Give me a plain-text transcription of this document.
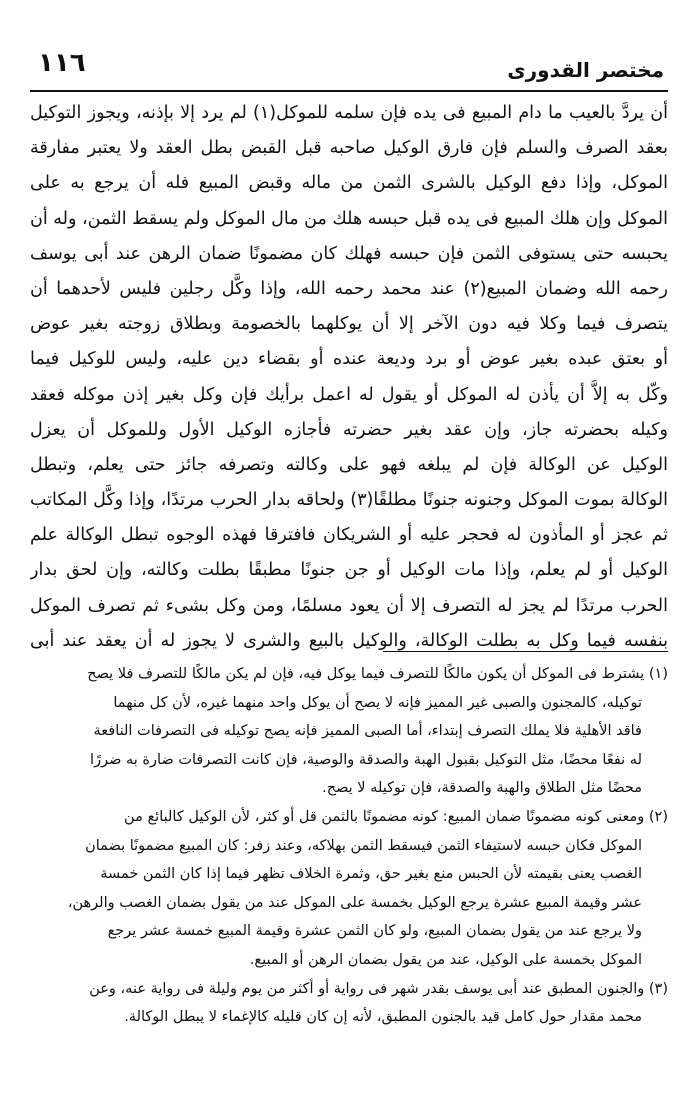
مختصر القدورى
١١٦
أن يردَّ بالعيب ما دام المبيع فى يده فإن سلمه للموكل(١) لم يرد إلا بإذنه، ويجوز التوكيل
بعقد الصرف والسلم فإن فارق الوكيل صاحبه قبل القبض بطل العقد ولا يعتبر مفارقة
الموكل، وإذا دفع الوكيل بالشرى الثمن من ماله وقبض المبيع فله أن يرجع به على
الموكل وإن هلك المبيع فى يده قبل حبسه هلك من مال الموكل ولم يسقط الثمن، وله أن
يحبسه حتى يستوفى الثمن فإن حبسه فهلك كان مضمونًا ضمان الرهن عند أبى يوسف
رحمه الله وضمان المبيع(٢) عند محمد رحمه الله، وإذا وكَّل رجلين فليس لأحدهما أن
يتصرف فيما وكلا فيه دون الآخر إلا أن يوكلهما بالخصومة وبطلاق زوجته بغير عوض
أو بعتق عبده بغير عوض أو برد وديعة عنده أو بقضاء دين عليه، وليس للوكيل فيما
وكّل به إلاَّ أن يأذن له الموكل أو يقول له اعمل برأيك فإن وكل بغير إذن موكله فعقد
وكيله بحضرته جاز، وإن عقد بغير حضرته فأجازه الوكيل الأول وللموكل أن يعزل
الوكيل عن الوكالة فإن لم يبلغه فهو على وكالته وتصرفه جائز حتى يعلم، وتبطل
الوكالة بموت الموكل وجنونه جنونًا مطلقًا(٣) ولحاقه بدار الحرب مرتدًا، وإذا وكَّل المكاتب
ثم عجز أو المأذون له فحجر عليه أو الشريكان فافترقا فهذه الوجوه تبطل الوكالة علم
الوكيل أو لم يعلم، وإذا مات الوكيل أو جن جنونًا مطبقًا بطلت وكالته، وإن لحق بدار
الحرب مرتدًا لم يجز له التصرف إلا أن يعود مسلمًا، ومن وكل بشىء ثم تصرف الموكل
بنفسه فيما وكل به بطلت الوكالة، والوكيل بالبيع والشرى لا يجوز له أن يعقد عند أبى
(١) يشترط فى الموكل أن يكون مالكًا للتصرف فيما يوكل فيه، فإن لم يكن مالكًا للتصرف فلا يصح
توكيله، كالمجنون والصبى غير المميز فإنه لا يصح أن يوكل واحد منهما غيره، لأن كل منهما
فاقد الأهلية فلا يملك التصرف إبتداء، أما الصبى المميز فإنه يصح توكيله فى التصرفات النافعة
له نفعًا محضًا، مثل التوكيل بقبول الهبة والصدقة والوصية، فإن كانت التصرفات ضارة به ضررًا
محضًا مثل الطلاق والهبة والصدقة، فإن توكيله لا يصح.
(٢) ومعنى كونه مضمونًا ضمان المبيع: كونه مضمونًا بالثمن قل أو كثر، لأن الوكيل كالبائع من
الموكل فكان حبسه لاستيفاء الثمن فيسقط الثمن بهلاكه، وعند زفر: كان المبيع مضمونًا بضمان
الغصب يعنى بقيمته لأن الحبس منع بغير حق، وثمرة الخلاف تظهر فيما إذا كان الثمن خمسة
عشر وقيمة المبيع عشرة يرجع الوكيل بخمسة على الموكل عند من يقول بضمان الغصب والرهن،
ولا يرجع عند من يقول بضمان المبيع، ولو كان الثمن عشرة وقيمة المبيع خمسة عشر يرجع
الموكل بخمسة على الوكيل، عند من يقول بضمان الرهن أو المبيع.
(٣) والجنون المطبق عند أبى يوسف بقدر شهر فى رواية أو أكثر من يوم وليلة فى رواية عنه، وعن
محمد مقدار حول كامل قيد بالجنون المطبق، لأنه إن كان قليله كالإغماء لا يبطل الوكالة.
